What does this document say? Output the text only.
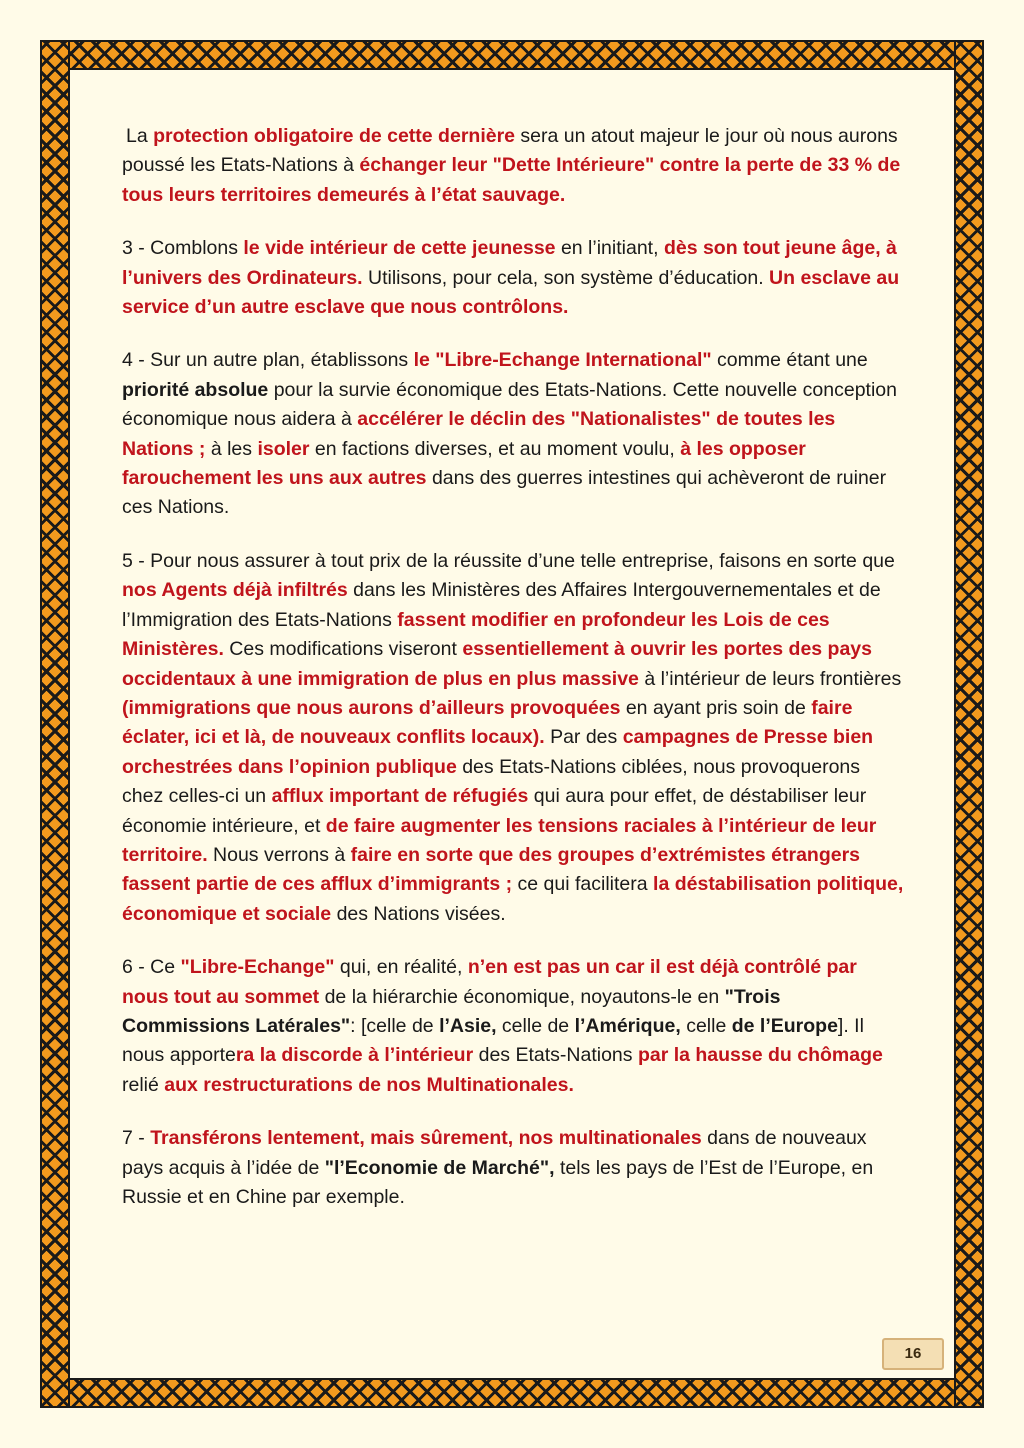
La protection obligatoire de cette dernière sera un atout majeur le jour où nous aurons poussé les Etats-Nations à échanger leur "Dette Intérieure" contre la perte de 33 % de tous leurs territoires demeurés à l’état sauvage.

3 - Comblons le vide intérieur de cette jeunesse en l’initiant, dès son tout jeune âge, à l’univers des Ordinateurs. Utilisons, pour cela, son système d’éducation. Un esclave au service d’un autre esclave que nous contrôlons.

4 - Sur un autre plan, établissons le "Libre-Echange International" comme étant une priorité absolue pour la survie économique des Etats-Nations. Cette nouvelle conception économique nous aidera à accélérer le déclin des "Nationalistes" de toutes les Nations ; à les isoler en factions diverses, et au moment voulu, à les opposer farouchement les uns aux autres dans des guerres intestines qui achèveront de ruiner ces Nations.

5 - Pour nous assurer à tout prix de la réussite d’une telle entreprise, faisons en sorte que nos Agents déjà infiltrés dans les Ministères des Affaires Intergouvernementales et de l’Immigration des Etats-Nations fassent modifier en profondeur les Lois de ces Ministères. Ces modifications viseront essentiellement à ouvrir les portes des pays occidentaux à une immigration de plus en plus massive à l’intérieur de leurs frontières (immigrations que nous aurons d’ailleurs provoquées en ayant pris soin de faire éclater, ici et là, de nouveaux conflits locaux). Par des campagnes de Presse bien orchestrées dans l’opinion publique des Etats-Nations ciblées, nous provoquerons chez celles-ci un afflux important de réfugiés qui aura pour effet, de déstabiliser leur économie intérieure, et de faire augmenter les tensions raciales à l’intérieur de leur territoire. Nous verrons à faire en sorte que des groupes d’extrémistes étrangers fassent partie de ces afflux d’immigrants ; ce qui facilitera la déstabilisation politique, économique et sociale des Nations visées.

6 - Ce "Libre-Echange" qui, en réalité, n’en est pas un car il est déjà contrôlé par nous tout au sommet de la hiérarchie économique, noyautons-le en "Trois Commissions Latérales": [celle de l’Asie, celle de l’Amérique, celle de l’Europe]. Il nous apportera la discorde à l’intérieur des Etats-Nations par la hausse du chômage relié aux restructurations de nos Multinationales.

7 - Transférons lentement, mais sûrement, nos multinationales dans de nouveaux pays acquis à l’idée de "l’Economie de Marché", tels les pays de l’Est de l’Europe, en Russie et en Chine par exemple.

16
